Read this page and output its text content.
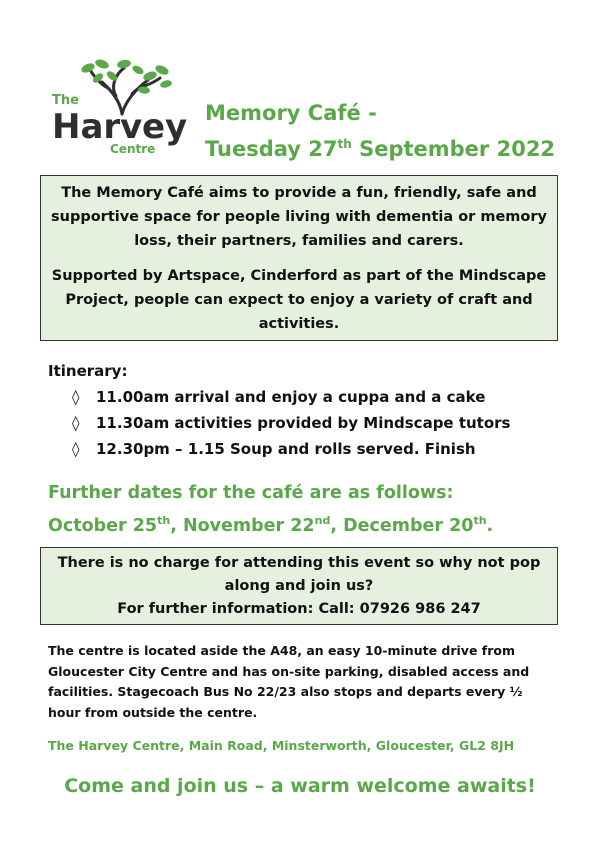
The
Har v ey
Centre
Memory Café -
Tuesday 27th September 2022

The Memory Café aims to provide a fun, friendly, safe and supportive space for people living with dementia or memory loss, their partners, families and carers.

Supported by Artspace, Cinderford as part of the Mindscape Project, people can expect to enjoy a variety of craft and activities.

Itinerary:
◊ 11.00am arrival and enjoy a cuppa and a cake
◊ 11.30am activities provided by Mindscape tutors
◊ 12.30pm – 1.15 Soup and rolls served. Finish
Further dates for the café are as follows:
October 25th, November 22nd, December 20th.
There is no charge for attending this event so why not pop
along and join us?
For further information: Call: 07926 986 247
The centre is located aside the A48, an easy 10-minute drive from Gloucester City Centre and has on-site parking, disabled access and facilities. Stagecoach Bus No 22/23 also stops and departs every ½ hour from outside the centre.
The Harvey Centre, Main Road, Minsterworth, Gloucester, GL2 8JH
Come and join us – a warm welcome awaits!
